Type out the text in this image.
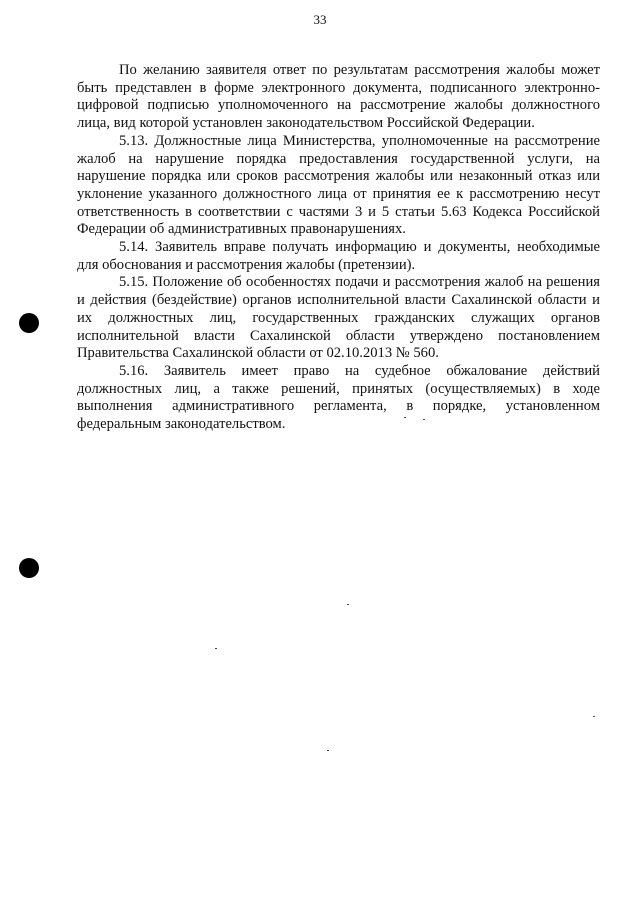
33

По желанию заявителя ответ по результатам рассмотрения жалобы может быть представлен в форме электронного документа, подписанного электронно-цифровой подписью уполномоченного на рассмотрение жалобы должностного лица, вид которой установлен законодательством Российской Федерации.

5.13. Должностные лица Министерства, уполномоченные на рассмотрение жалоб на нарушение порядка предоставления государственной услуги, на нарушение порядка или сроков рассмотрения жалобы или незаконный отказ или уклонение указанного должностного лица от принятия ее к рассмотрению несут ответственность в соответствии с частями 3 и 5 статьи 5.63 Кодекса Российской Федерации об административных правонарушениях.

5.14. Заявитель вправе получать информацию и документы, необходимые для обоснования и рассмотрения жалобы (претензии).

5.15. Положение об особенностях подачи и рассмотрения жалоб на решения и действия (бездействие) органов исполнительной власти Сахалинской области и их должностных лиц, государственных гражданских служащих органов исполнительной власти Сахалинской области утверждено постановлением Правительства Сахалинской области от 02.10.2013 № 560.

5.16. Заявитель имеет право на судебное обжалование действий должностных лиц, а также решений, принятых (осуществляемых) в ходе выполнения административного регламента, в порядке, установленном федеральным законодательством.
